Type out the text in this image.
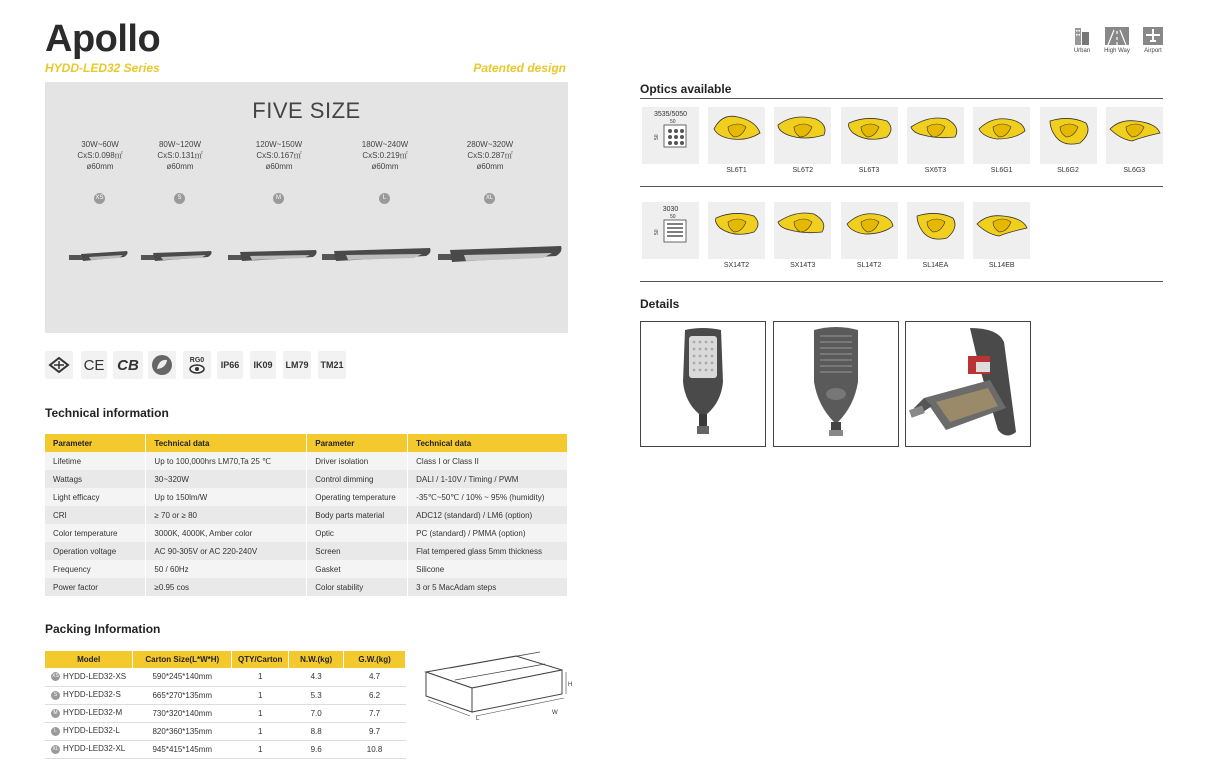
Apollo
HYDD-LED32 Series	Patented design
FIVE SIZE
30W~60W
CxS:0.098㎡
ø60mm
80W~120W
CxS:0.131㎡
ø60mm
120W~150W
CxS:0.167㎡
ø60mm
180W~240W
CxS:0.219㎡
ø60mm
280W~320W
CxS:0.287㎡
ø60mm
XS	S	M	L	XL
CE CB	RG0	IP66	IK09	LM79 TM21
Technical information
Parameter	Technical data	Parameter	Technical data
Lifetime	Up to 100,000hrs LM70,Ta 25 ℃	Driver isolation	Class I or Class II
Wattags	30~320W	Control dimming	DALI / 1-10V / Timing / PWM
Light efficacy	Up to 150lm/W	Operating temperature	-35℃~50℃ / 10% ~ 95% (humidity)
CRI	≥ 70 or ≥ 80	Body parts material	ADC12 (standard) / LM6 (option)
Color temperature	3000K, 4000K, Amber color	Optic	PC (standard) / PMMA (option)
Operation voltage	AC 90-305V or AC 220-240V	Screen	Flat tempered glass 5mm thickness
Frequency	50 / 60Hz	Gasket	Silicone
Power factor	≥0.95 cos	Color stability	3 or 5 MacAdam steps
Packing Information
Model	Carton Size(L*W*H)	QTY/Carton	N.W.(kg)	G.W.(kg)
XS HYDD-LED32-XS	590*245*140mm	1	4.3	4.7
S HYDD-LED32-S	665*270*135mm	1	5.3	6.2
M HYDD-LED32-M	730*320*140mm	1	7.0	7.7
L HYDD-LED32-L	820*360*135mm	1	8.8	9.7
XL HYDD-LED32-XL	945*415*145mm	1	9.6	10.8
H
W
L
Urban	High Way	Airport
Optics available
3535/5050
50
50
SL6T1	SL6T2	SL6T3	SX6T3	SL6G1	SL6G2	SL6G3
3030
50
50
SX14T2	SX14T3	SL14T2	SL14EA	SL14EB
Details
